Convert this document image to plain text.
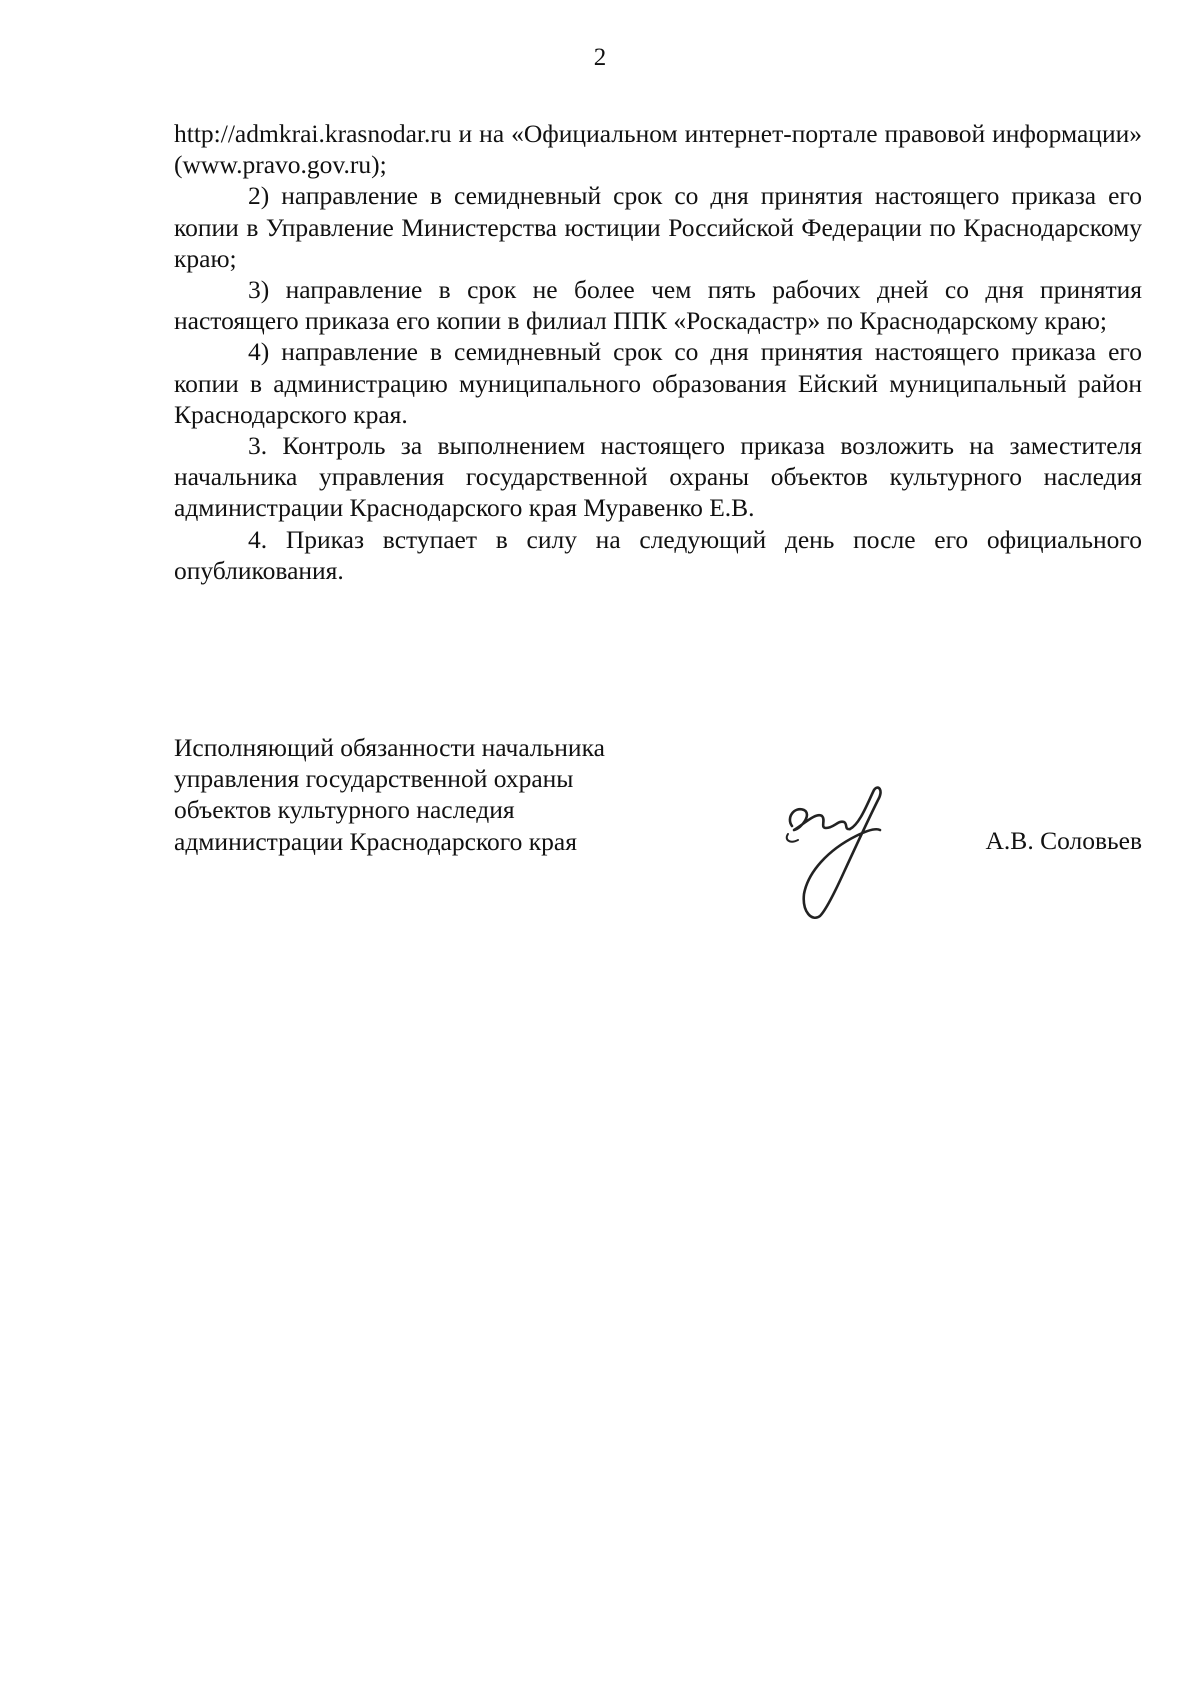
2

http://admkrai.krasnodar.ru и на «Официальном интернет-портале правовой информации» (www.pravo.gov.ru);

2) направление в семидневный срок со дня принятия настоящего приказа его копии в Управление Министерства юстиции Российской Федерации по Краснодарскому краю;

3) направление в срок не более чем пять рабочих дней со дня принятия настоящего приказа его копии в филиал ППК «Роскадастр» по Краснодарскому краю;

4) направление в семидневный срок со дня принятия настоящего приказа его копии в администрацию муниципального образования Ейский муниципальный район Краснодарского края.

3. Контроль за выполнением настоящего приказа возложить на заместителя начальника управления государственной охраны объектов культурного наследия администрации Краснодарского края Муравенко Е.В.

4. Приказ вступает в силу на следующий день после его официального опубликования.

Исполняющий обязанности начальника
управления государственной охраны
объектов культурного наследия
администрации Краснодарского края	А.В. Соловьев
